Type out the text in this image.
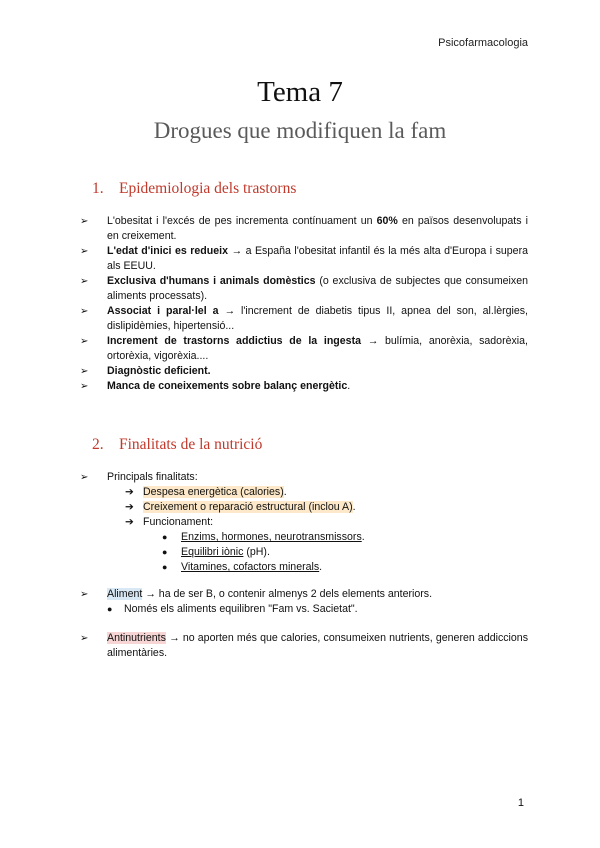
Psicofarmacologia
Tema 7
Drogues que modifiquen la fam
1. Epidemiologia dels trastorns
➢ L'obesitat i l'excés de pes incrementa contínuament un 60% en països desenvolupats i en creixement.
➢ L'edat d'inici es redueix → a España l'obesitat infantil és la més alta d'Europa i supera als EEUU.
➢ Exclusiva d'humans i animals domèstics (o exclusiva de subjectes que consumeixen aliments processats).
➢ Associat i paral·lel a → l'increment de diabetis tipus II, apnea del son, al.lèrgies, dislipidèmies, hipertensió...
➢ Increment de trastorns addictius de la ingesta → bulímia, anorèxia, sadorèxia, ortorèxia, vigorèxia....
➢ Diagnòstic deficient.
➢ Manca de coneixements sobre balanç energètic.
2. Finalitats de la nutrició
➢ Principals finalitats:
➔ Despesa energètica (calories).
➔ Creixement o reparació estructural (inclou A).
➔ Funcionament:
● Enzims, hormones, neurotransmissors.
● Equilibri iònic (pH).
● Vitamines, cofactors minerals.
➢ Aliment → ha de ser B, o contenir almenys 2 dels elements anteriors.
● Només els aliments equilibren "Fam vs. Sacietat".
➢ Antinutrients → no aporten més que calories, consumeixen nutrients, generen addiccions alimentàries.
1
